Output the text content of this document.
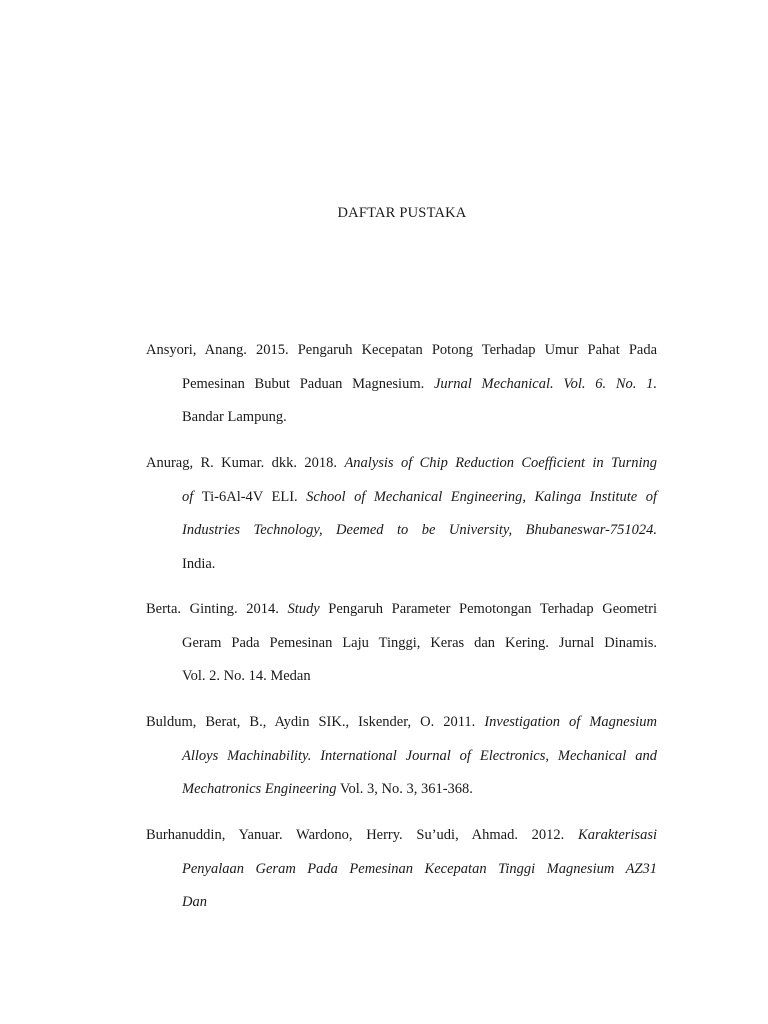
DAFTAR PUSTAKA
Ansyori, Anang. 2015. Pengaruh Kecepatan Potong Terhadap Umur Pahat Pada
Pemesinan Bubut Paduan Magnesium. Jurnal Mechanical. Vol. 6. No. 1.
Bandar Lampung.
Anurag, R. Kumar. dkk. 2018. Analysis of Chip Reduction Coefficient in Turning
of Ti-6Al-4V ELI. School of Mechanical Engineering, Kalinga Institute of
Industries Technology, Deemed to be University, Bhubaneswar-751024.
India.
Berta. Ginting. 2014. Study Pengaruh Parameter Pemotongan Terhadap Geometri
Geram Pada Pemesinan Laju Tinggi, Keras dan Kering. Jurnal Dinamis.
Vol. 2. No. 14. Medan
Buldum, Berat, B., Aydin SIK., Iskender, O. 2011. Investigation of Magnesium
Alloys Machinability. International Journal of Electronics, Mechanical and
Mechatronics Engineering Vol. 3, No. 3, 361-368.
Burhanuddin, Yanuar. Wardono, Herry. Su’udi, Ahmad. 2012. Karakterisasi
Penyalaan Geram Pada Pemesinan Kecepatan Tinggi Magnesium AZ31
Dan
